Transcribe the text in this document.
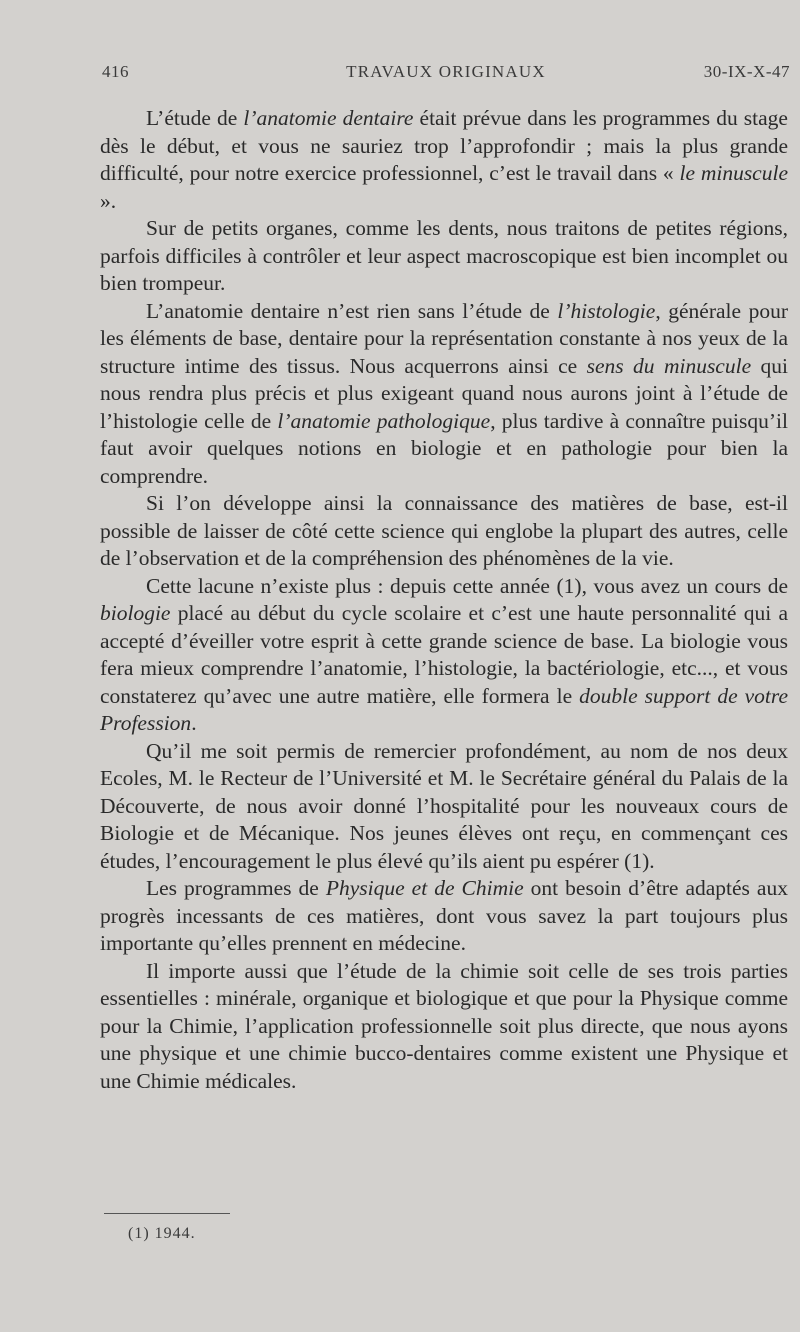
416	TRAVAUX ORIGINAUX	30-IX-X-47

L’étude de l’anatomie dentaire était prévue dans les programmes du stage dès le début, et vous ne sauriez trop l’approfondir ; mais la plus grande difficulté, pour notre exercice professionnel, c’est le travail dans « le minuscule ».

Sur de petits organes, comme les dents, nous traitons de petites régions, parfois difficiles à contrôler et leur aspect macroscopique est bien incomplet ou bien trompeur.

L’anatomie dentaire n’est rien sans l’étude de l’histologie, générale pour les éléments de base, dentaire pour la représentation constante à nos yeux de la structure intime des tissus. Nous acquerrons ainsi ce sens du minuscule qui nous rendra plus précis et plus exigeant quand nous aurons joint à l’étude de l’histologie celle de l’anatomie pathologique, plus tardive à connaître puisqu’il faut avoir quelques notions en biologie et en pathologie pour bien la comprendre.

Si l’on développe ainsi la connaissance des matières de base, est-il possible de laisser de côté cette science qui englobe la plupart des autres, celle de l’observation et de la compréhension des phénomènes de la vie.

Cette lacune n’existe plus : depuis cette année (1), vous avez un cours de biologie placé au début du cycle scolaire et c’est une haute personnalité qui a accepté d’éveiller votre esprit à cette grande science de base. La biologie vous fera mieux comprendre l’anatomie, l’histologie, la bactériologie, etc..., et vous constaterez qu’avec une autre matière, elle formera le double support de votre Profession.

Qu’il me soit permis de remercier profondément, au nom de nos deux Ecoles, M. le Recteur de l’Université et M. le Secrétaire général du Palais de la Découverte, de nous avoir donné l’hospitalité pour les nouveaux cours de Biologie et de Mécanique. Nos jeunes élèves ont reçu, en commençant ces études, l’encouragement le plus élevé qu’ils aient pu espérer (1).

Les programmes de Physique et de Chimie ont besoin d’être adaptés aux progrès incessants de ces matières, dont vous savez la part toujours plus importante qu’elles prennent en médecine.

Il importe aussi que l’étude de la chimie soit celle de ses trois parties essentielles : minérale, organique et biologique et que pour la Physique comme pour la Chimie, l’application professionnelle soit plus directe, que nous ayons une physique et une chimie bucco-dentaires comme existent une Physique et une Chimie médicales.

(1) 1944.
